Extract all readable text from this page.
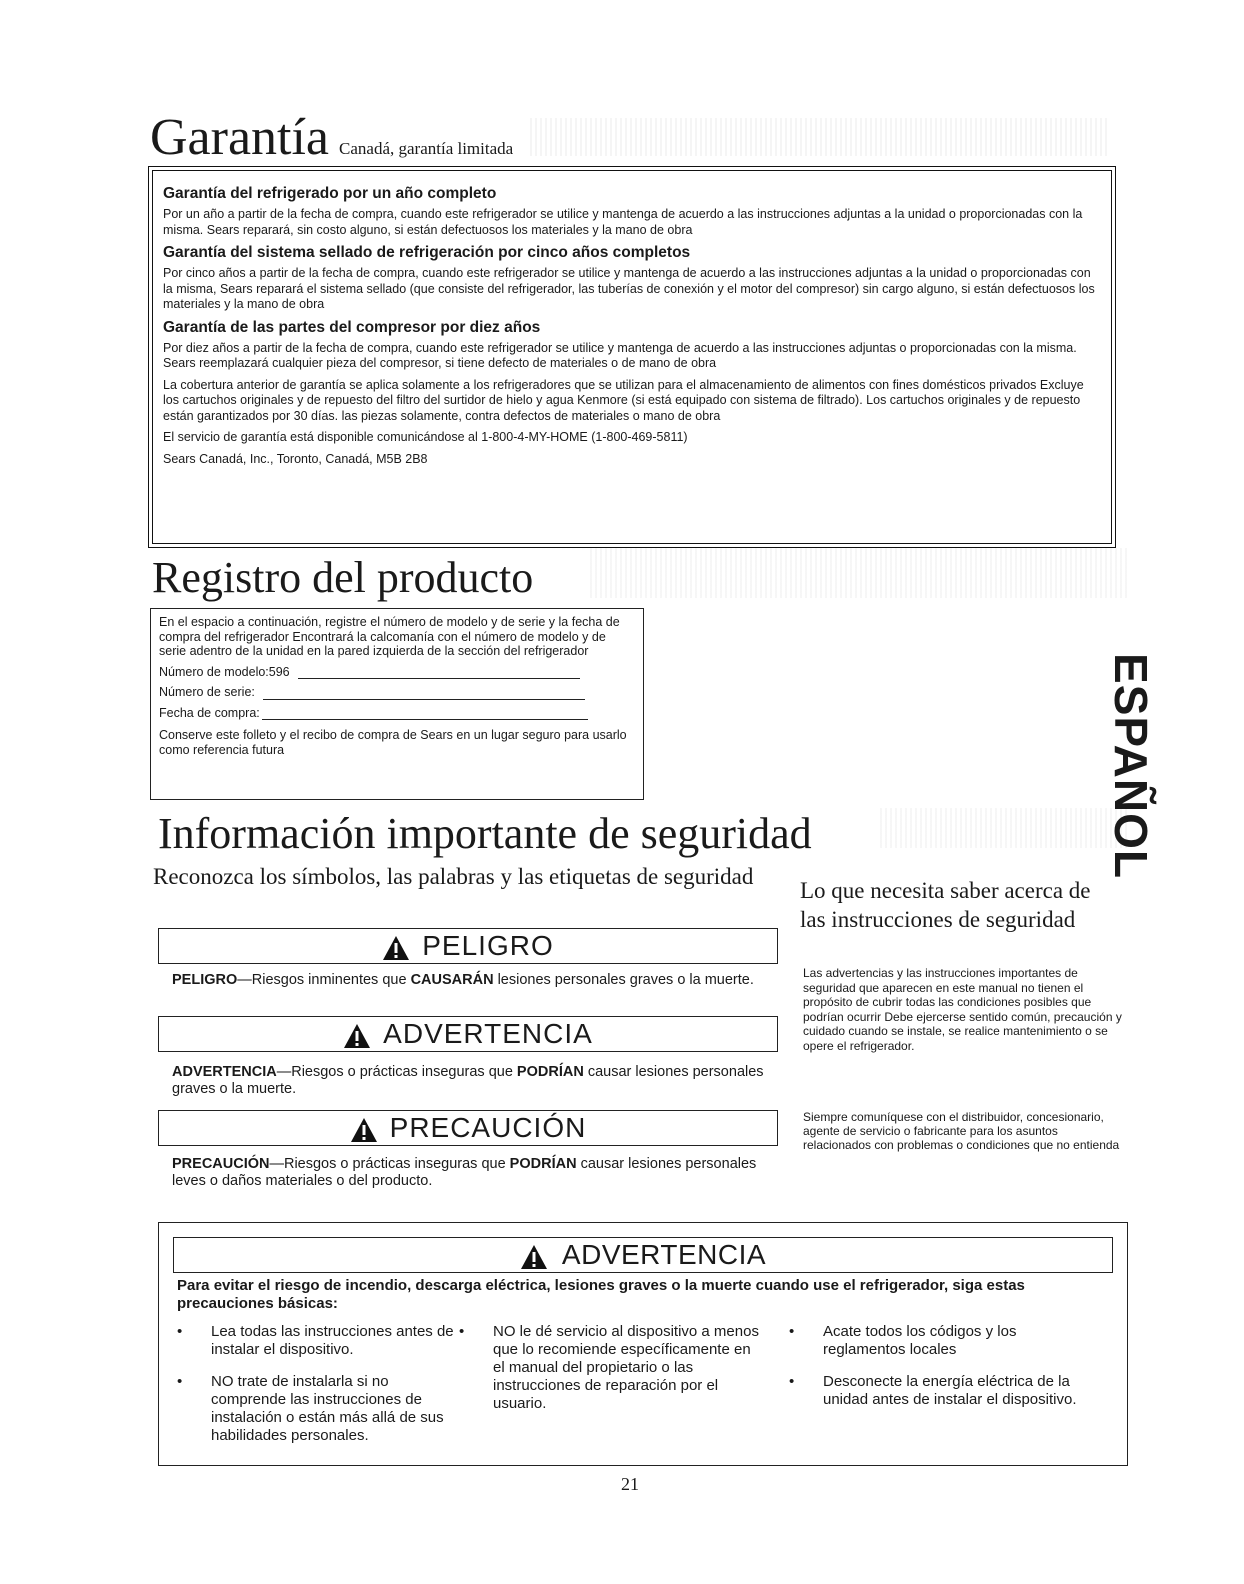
Garantía Canadá, garantía limitada

Garantía del refrigerado por un año completo

Por un año a partir de la fecha de compra, cuando este refrigerador se utilice y mantenga de acuerdo a las instrucciones adjuntas a la unidad o proporcionadas con la misma. Sears reparará, sin costo alguno, si están defectuosos los materiales y la mano de obra

Garantía del sistema sellado de refrigeración por cinco años completos

Por cinco años a partir de la fecha de compra, cuando este refrigerador se utilice y mantenga de acuerdo a las instrucciones adjuntas a la unidad o proporcionadas con la misma, Sears reparará el sistema sellado (que consiste del refrigerador, las tuberías de conexión y el motor del compresor) sin cargo alguno, si están defectuosos los materiales y la mano de obra

Garantía de las partes del compresor por diez años

Por diez años a partir de la fecha de compra, cuando este refrigerador se utilice y mantenga de acuerdo a las instrucciones adjuntas o proporcionadas con la misma. Sears reemplazará cualquier pieza del compresor, si tiene defecto de materiales o de mano de obra

La cobertura anterior de garantía se aplica solamente a los refrigeradores que se utilizan para el almacenamiento de alimentos con fines domésticos privados Excluye los cartuchos originales y de repuesto del filtro del surtidor de hielo y agua Kenmore (si está equipado con sistema de filtrado). Los cartuchos originales y de repuesto están garantizados por 30 días. las piezas solamente, contra defectos de materiales o mano de obra

El servicio de garantía está disponible comunicándose al 1-800-4-MY-HOME (1-800-469-5811)

Sears Canadá, Inc., Toronto, Canadá, M5B 2B8

Registro del producto
En el espacio a continuación, registre el número de modelo y de serie y la fecha de compra del refrigerador Encontrará la calcomanía con el número de modelo y de serie adentro de la unidad en la pared izquierda de la sección del refrigerador
Número de modelo:596
Número de serie:
Fecha de compra:
Conserve este folleto y el recibo de compra de Sears en un lugar seguro para usarlo como referencia futura	ESPAÑOL
Información importante de seguridad
Reconozca los símbolos, las palabras y las etiquetas de seguridad
PELIGRO
PELIGRO—Riesgos inminentes que CAUSARÁN lesiones personales graves o la muerte.
ADVERTENCIA
ADVERTENCIA—Riesgos o prácticas inseguras que PODRÍAN causar lesiones personales graves o la muerte.
PRECAUCIÓN
PRECAUCIÓN—Riesgos o prácticas inseguras que PODRÍAN causar lesiones personales leves o daños materiales o del producto.
Lo que necesita saber acerca de las instrucciones de seguridad
Las advertencias y las instrucciones importantes de seguridad que aparecen en este manual no tienen el propósito de cubrir todas las condiciones posibles que podrían ocurrir Debe ejercerse sentido común, precaución y cuidado cuando se instale, se realice mantenimiento o se opere el refrigerador.
Siempre comuníquese con el distribuidor, concesionario, agente de servicio o fabricante para los asuntos relacionados con problemas o condiciones que no entienda
ADVERTENCIA
Para evitar el riesgo de incendio, descarga eléctrica, lesiones graves o la muerte cuando use el refrigerador, siga estas precauciones básicas:
• Lea todas las instrucciones antes de instalar el dispositivo.
• NO trate de instalarla si no comprende las instrucciones de instalación o están más allá de sus habilidades personales.
• NO le dé servicio al dispositivo a menos que lo recomiende específicamente en el manual del propietario o las instrucciones de reparación por el usuario.
• Acate todos los códigos y los reglamentos locales
• Desconecte la energía eléctrica de la unidad antes de instalar el dispositivo.
21
